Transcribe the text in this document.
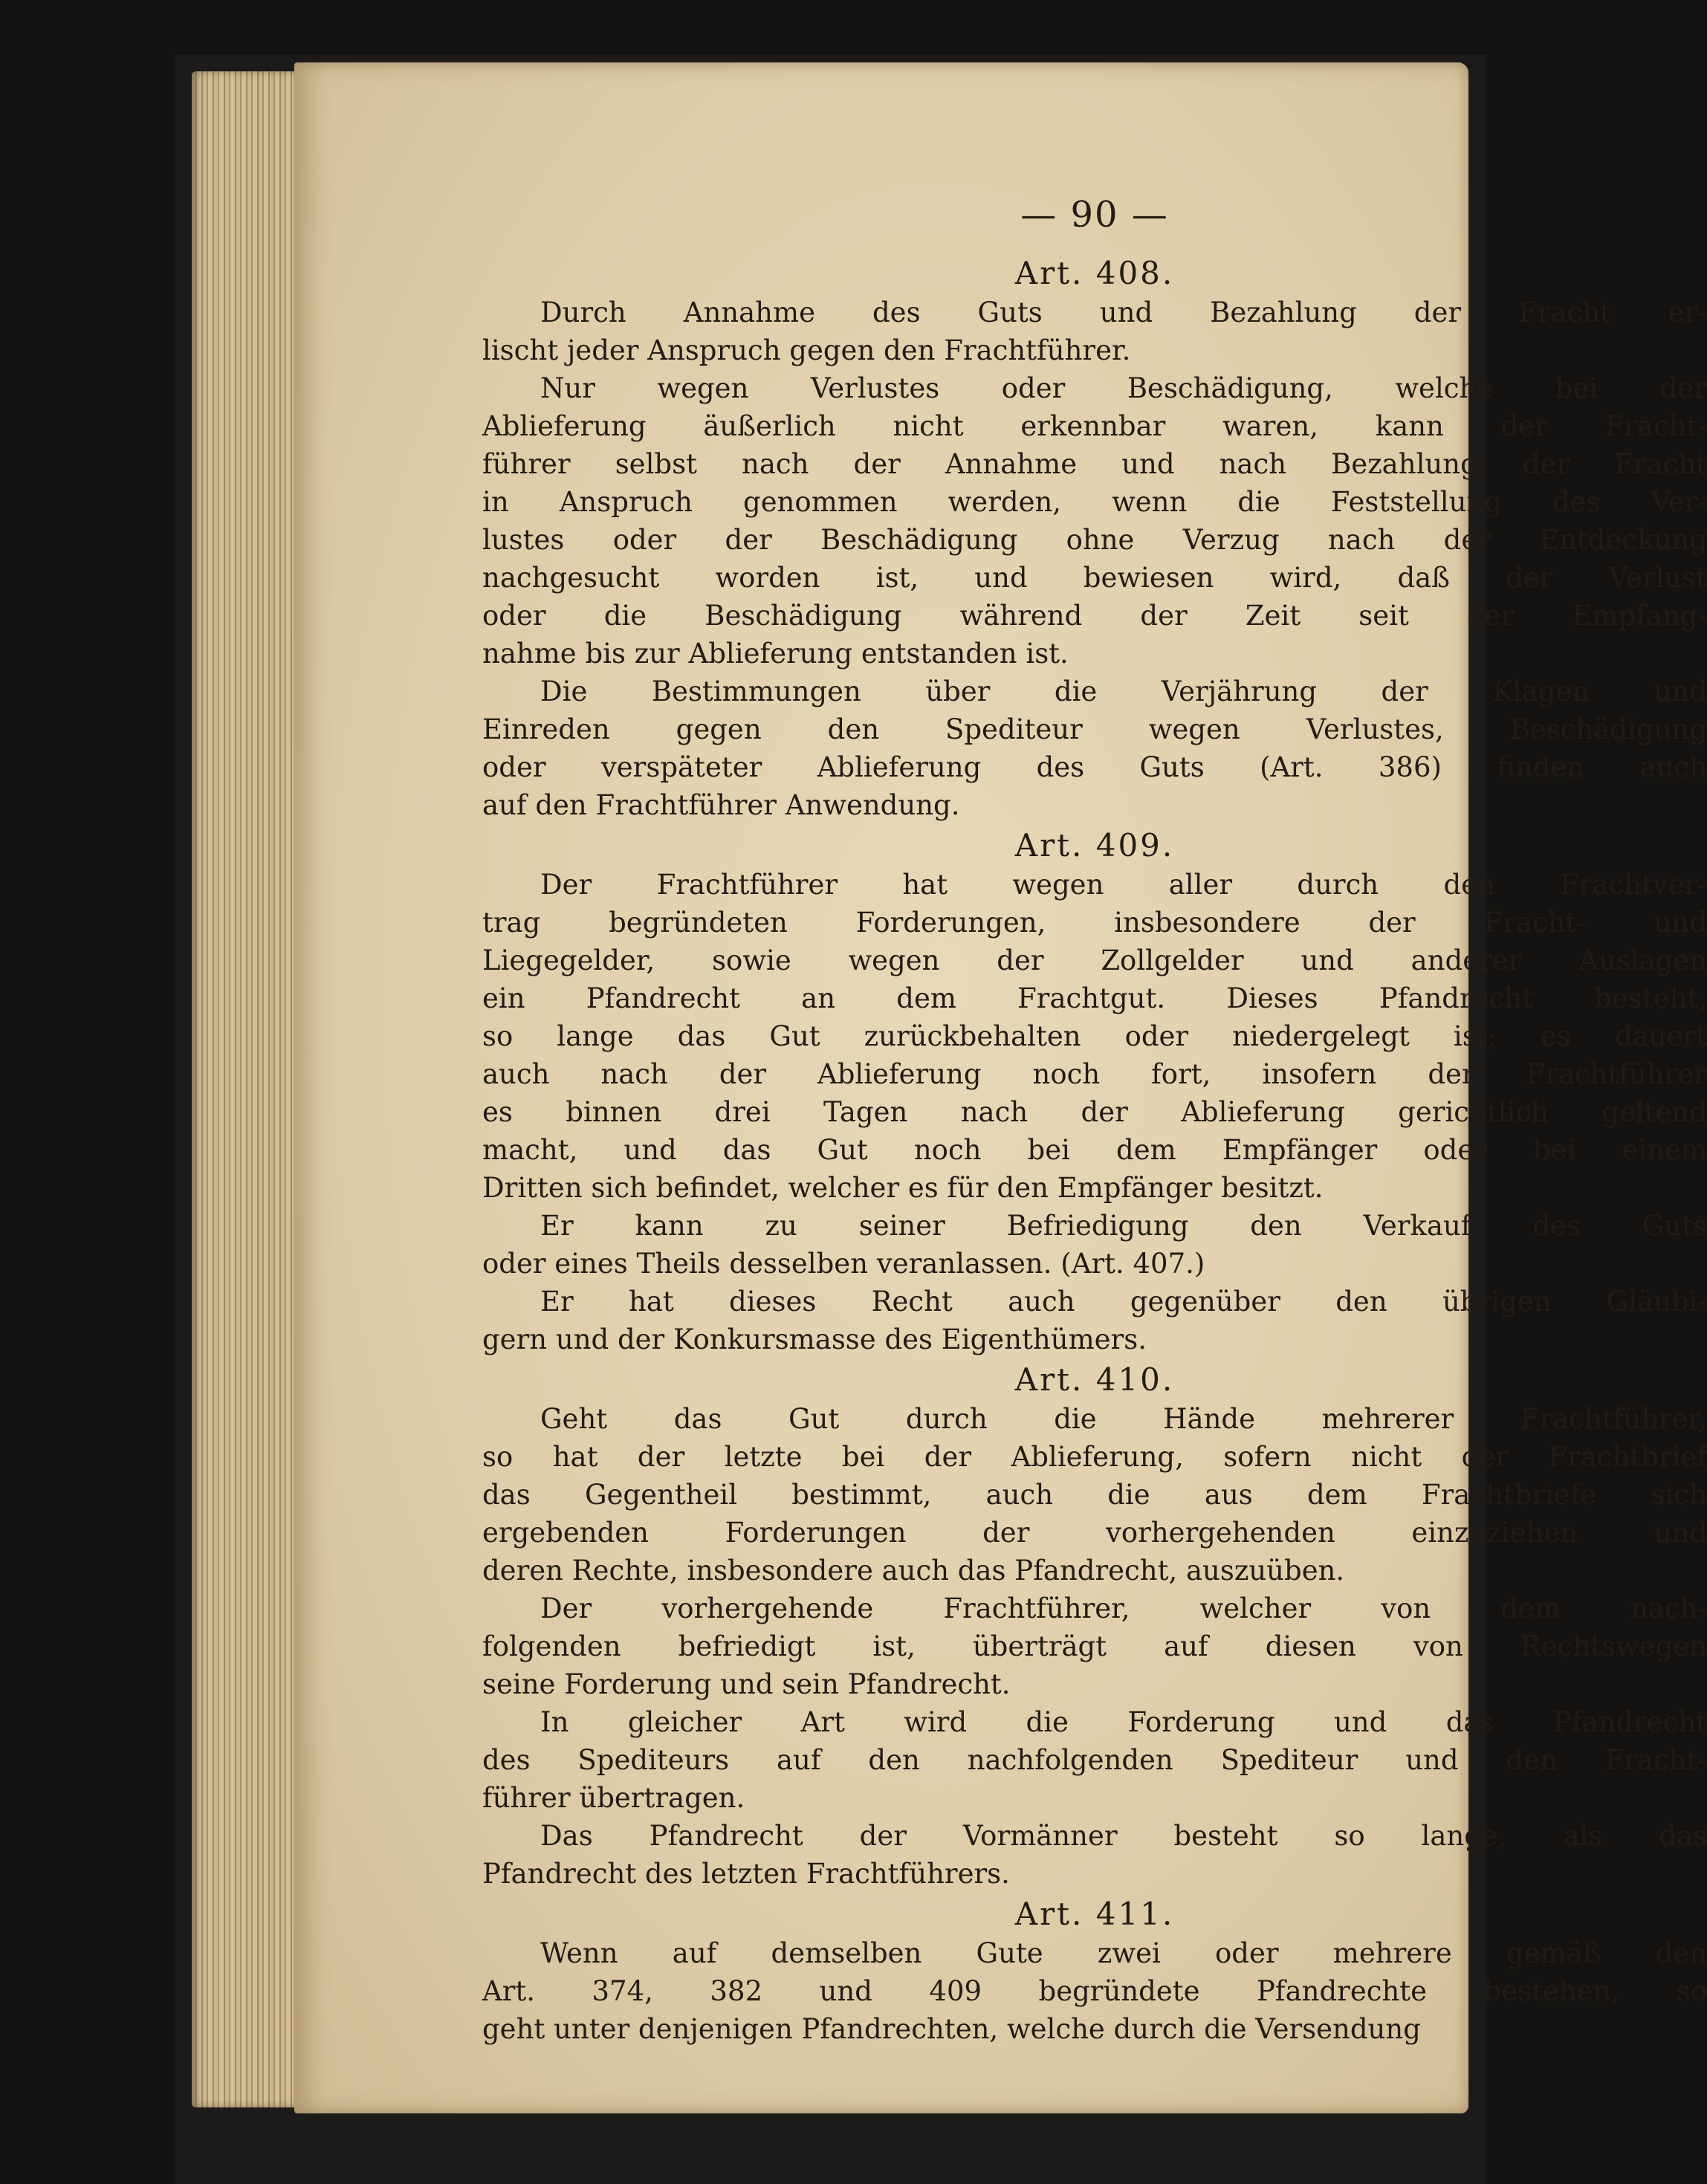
— 90 —
Art. 408.
Durch Annahme des Guts und Bezahlung der Fracht er-
lischt jeder Anspruch gegen den Frachtführer.
Nur wegen Verlustes oder Beschädigung, welche bei der
Ablieferung äußerlich nicht erkennbar waren, kann der Fracht-
führer selbst nach der Annahme und nach Bezahlung der Fracht
in Anspruch genommen werden, wenn die Feststellung des Ver-
lustes oder der Beschädigung ohne Verzug nach der Entdeckung
nachgesucht worden ist, und bewiesen wird, daß der Verlust
oder die Beschädigung während der Zeit seit der Empfang-
nahme bis zur Ablieferung entstanden ist.
Die Bestimmungen über die Verjährung der Klagen und
Einreden gegen den Spediteur wegen Verlustes, Beschädigung
oder verspäteter Ablieferung des Guts (Art. 386) finden auch
auf den Frachtführer Anwendung.
Art. 409.
Der Frachtführer hat wegen aller durch den Frachtver-
trag begründeten Forderungen, insbesondere der Fracht- und
Liegegelder, sowie wegen der Zollgelder und anderer Auslagen
ein Pfandrecht an dem Frachtgut. Dieses Pfandrecht besteht,
so lange das Gut zurückbehalten oder niedergelegt ist; es dauert
auch nach der Ablieferung noch fort, insofern der Frachtführer
es binnen drei Tagen nach der Ablieferung gerichtlich geltend
macht, und das Gut noch bei dem Empfänger oder bei einem
Dritten sich befindet, welcher es für den Empfänger besitzt.
Er kann zu seiner Befriedigung den Verkauf des Guts
oder eines Theils desselben veranlassen. (Art. 407.)
Er hat dieses Recht auch gegenüber den übrigen Gläubi-
gern und der Konkursmasse des Eigenthümers.
Art. 410.
Geht das Gut durch die Hände mehrerer Frachtführer,
so hat der letzte bei der Ablieferung, sofern nicht der Frachtbrief
das Gegentheil bestimmt, auch die aus dem Frachtbriefe sich
ergebenden Forderungen der vorhergehenden einzuziehen und
deren Rechte, insbesondere auch das Pfandrecht, auszuüben.
Der vorhergehende Frachtführer, welcher von dem nach-
folgenden befriedigt ist, überträgt auf diesen von Rechtswegen
seine Forderung und sein Pfandrecht.
In gleicher Art wird die Forderung und das Pfandrecht
des Spediteurs auf den nachfolgenden Spediteur und den Fracht-
führer übertragen.
Das Pfandrecht der Vormänner besteht so lange, als das
Pfandrecht des letzten Frachtführers.
Art. 411.
Wenn auf demselben Gute zwei oder mehrere gemäß den
Art. 374, 382 und 409 begründete Pfandrechte bestehen, so
geht unter denjenigen Pfandrechten, welche durch die Versendung
